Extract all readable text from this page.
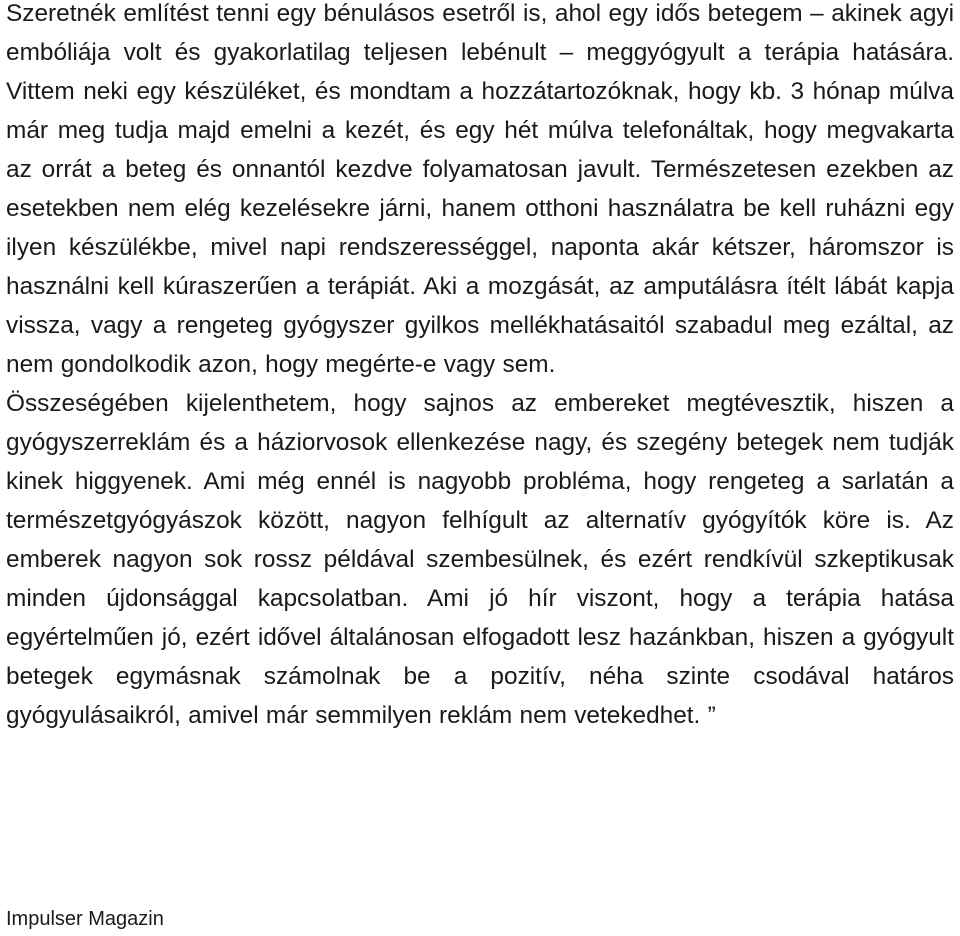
Szeretnék említést tenni egy bénulásos esetről is, ahol egy idős betegem – akinek agyi embóliája volt és gyakorlatilag teljesen lebénult – meggyógyult a terápia hatására. Vittem neki egy készüléket, és mondtam a hozzátartozóknak, hogy kb. 3 hónap múlva már meg tudja majd emelni a kezét, és egy hét múlva telefonáltak, hogy megvakarta az orrát a beteg és onnantól kezdve folyamatosan javult. Természetesen ezekben az esetekben nem elég kezelésekre járni, hanem otthoni használatra be kell ruházni egy ilyen készülékbe, mivel napi rendszerességgel, naponta akár kétszer, háromszor is használni kell kúraszerűen a terápiát. Aki a mozgását, az amputálásra ítélt lábát kapja vissza, vagy a rengeteg gyógyszer gyilkos mellékhatásaitól szabadul meg ezáltal, az nem gondolkodik azon, hogy megérte-e vagy sem.

Összeségében kijelenthetem, hogy sajnos az embereket megtévesztik, hiszen a gyógyszerreklám és a háziorvosok ellenkezése nagy, és szegény betegek nem tudják kinek higgyenek. Ami még ennél is nagyobb probléma, hogy rengeteg a sarlatán a természetgyógyászok között, nagyon felhígult az alternatív gyógyítók köre is. Az emberek nagyon sok rossz példával szembesülnek, és ezért rendkívül szkeptikusak minden újdonsággal kapcsolatban. Ami jó hír viszont, hogy a terápia hatása egyértelműen jó, ezért idővel általánosan elfogadott lesz hazánkban, hiszen a gyógyult betegek egymásnak számolnak be a pozitív, néha szinte csodával határos gyógyulásaikról, amivel már semmilyen reklám nem vetekedhet. ”

Impulser Magazin
